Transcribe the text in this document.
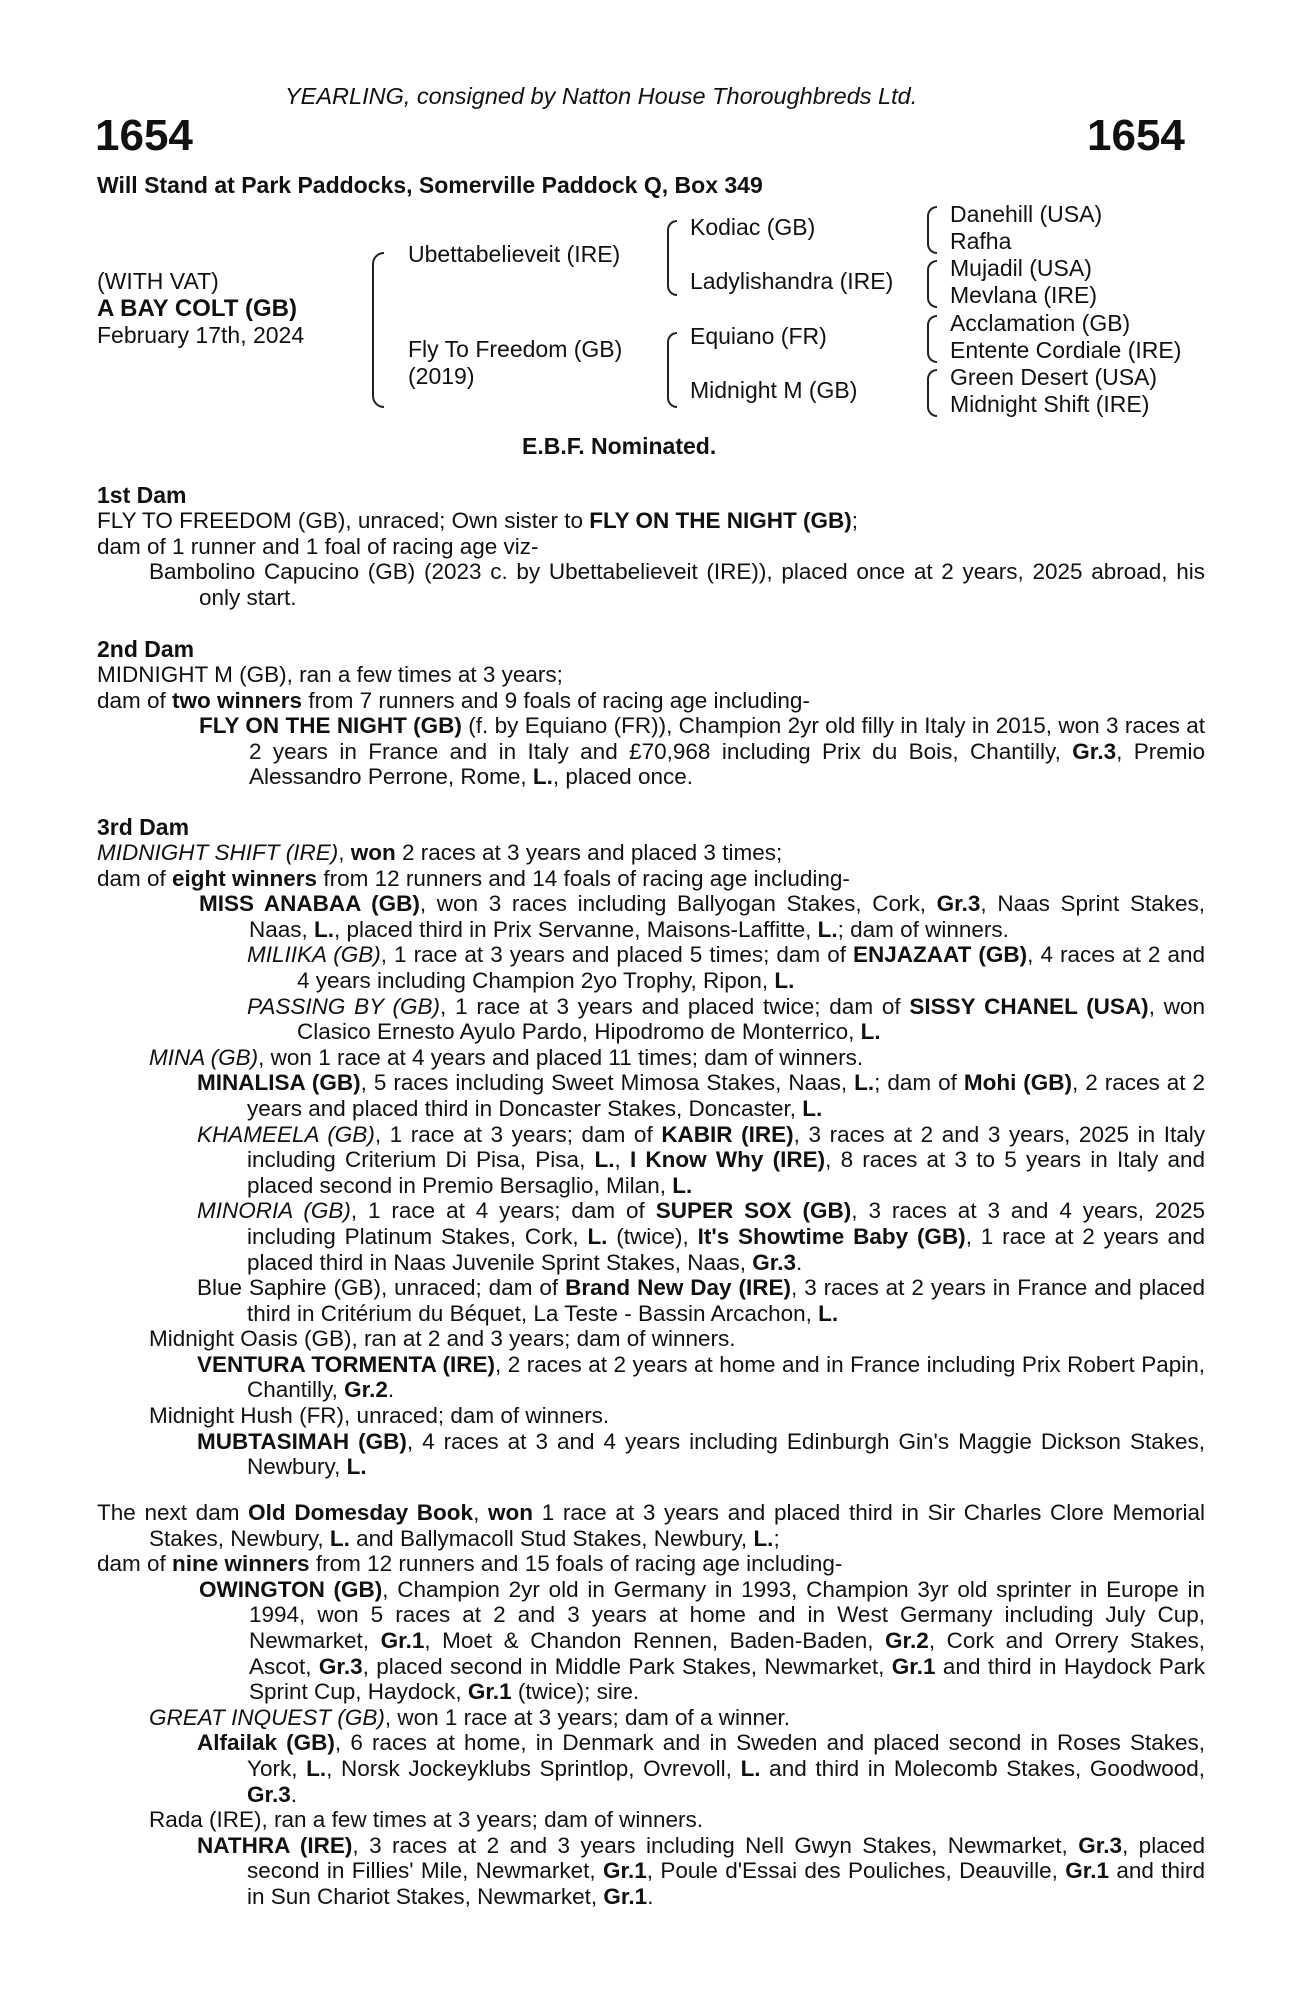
YEARLING, consigned by Natton House Thoroughbreds Ltd.
1654	1654
Will Stand at Park Paddocks, Somerville Paddock Q, Box 349
(WITH VAT)
A BAY COLT (GB)
February 17th, 2024
Ubettabelieveit (IRE)
Fly To Freedom (GB)
(2019)
Kodiac (GB)
Ladylishandra (IRE)
Equiano (FR)
Midnight M (GB)
Danehill (USA)
Rafha
Mujadil (USA)
Mevlana (IRE)
Acclamation (GB)
Entente Cordiale (IRE)
Green Desert (USA)
Midnight Shift (IRE)
E.B.F. Nominated.
1st Dam
FLY TO FREEDOM (GB), unraced; Own sister to FLY ON THE NIGHT (GB);
dam of 1 runner and 1 foal of racing age viz-
Bambolino Capucino (GB) (2023 c. by Ubettabelieveit (IRE)), placed once at 2 years, 2025 abroad, his only start.
2nd Dam
MIDNIGHT M (GB), ran a few times at 3 years;
dam of two winners from 7 runners and 9 foals of racing age including-
FLY ON THE NIGHT (GB) (f. by Equiano (FR)), Champion 2yr old filly in Italy in 2015, won 3 races at 2 years in France and in Italy and £70,968 including Prix du Bois, Chantilly, Gr.3, Premio Alessandro Perrone, Rome, L., placed once.
3rd Dam
MIDNIGHT SHIFT (IRE), won 2 races at 3 years and placed 3 times;
dam of eight winners from 12 runners and 14 foals of racing age including-
MISS ANABAA (GB), won 3 races including Ballyogan Stakes, Cork, Gr.3, Naas Sprint Stakes, Naas, L., placed third in Prix Servanne, Maisons-Laffitte, L.; dam of winners.
MILIIKA (GB), 1 race at 3 years and placed 5 times; dam of ENJAZAAT (GB), 4 races at 2 and 4 years including Champion 2yo Trophy, Ripon, L.
PASSING BY (GB), 1 race at 3 years and placed twice; dam of SISSY CHANEL (USA), won Clasico Ernesto Ayulo Pardo, Hipodromo de Monterrico, L.
MINA (GB), won 1 race at 4 years and placed 11 times; dam of winners.
MINALISA (GB), 5 races including Sweet Mimosa Stakes, Naas, L.; dam of Mohi (GB), 2 races at 2 years and placed third in Doncaster Stakes, Doncaster, L.
KHAMEELA (GB), 1 race at 3 years; dam of KABIR (IRE), 3 races at 2 and 3 years, 2025 in Italy including Criterium Di Pisa, Pisa, L., I Know Why (IRE), 8 races at 3 to 5 years in Italy and placed second in Premio Bersaglio, Milan, L.
MINORIA (GB), 1 race at 4 years; dam of SUPER SOX (GB), 3 races at 3 and 4 years, 2025 including Platinum Stakes, Cork, L. (twice), It's Showtime Baby (GB), 1 race at 2 years and placed third in Naas Juvenile Sprint Stakes, Naas, Gr.3.
Blue Saphire (GB), unraced; dam of Brand New Day (IRE), 3 races at 2 years in France and placed third in Critérium du Béquet, La Teste - Bassin Arcachon, L.
Midnight Oasis (GB), ran at 2 and 3 years; dam of winners.
VENTURA TORMENTA (IRE), 2 races at 2 years at home and in France including Prix Robert Papin, Chantilly, Gr.2.
Midnight Hush (FR), unraced; dam of winners.
MUBTASIMAH (GB), 4 races at 3 and 4 years including Edinburgh Gin's Maggie Dickson Stakes, Newbury, L.
The next dam Old Domesday Book, won 1 race at 3 years and placed third in Sir Charles Clore Memorial Stakes, Newbury, L. and Ballymacoll Stud Stakes, Newbury, L.;
dam of nine winners from 12 runners and 15 foals of racing age including-
OWINGTON (GB), Champion 2yr old in Germany in 1993, Champion 3yr old sprinter in Europe in 1994, won 5 races at 2 and 3 years at home and in West Germany including July Cup, Newmarket, Gr.1, Moet & Chandon Rennen, Baden-Baden, Gr.2, Cork and Orrery Stakes, Ascot, Gr.3, placed second in Middle Park Stakes, Newmarket, Gr.1 and third in Haydock Park Sprint Cup, Haydock, Gr.1 (twice); sire.
GREAT INQUEST (GB), won 1 race at 3 years; dam of a winner.
Alfailak (GB), 6 races at home, in Denmark and in Sweden and placed second in Roses Stakes, York, L., Norsk Jockeyklubs Sprintlop, Ovrevoll, L. and third in Molecomb Stakes, Goodwood, Gr.3.
Rada (IRE), ran a few times at 3 years; dam of winners.
NATHRA (IRE), 3 races at 2 and 3 years including Nell Gwyn Stakes, Newmarket, Gr.3, placed second in Fillies' Mile, Newmarket, Gr.1, Poule d'Essai des Pouliches, Deauville, Gr.1 and third in Sun Chariot Stakes, Newmarket, Gr.1.
